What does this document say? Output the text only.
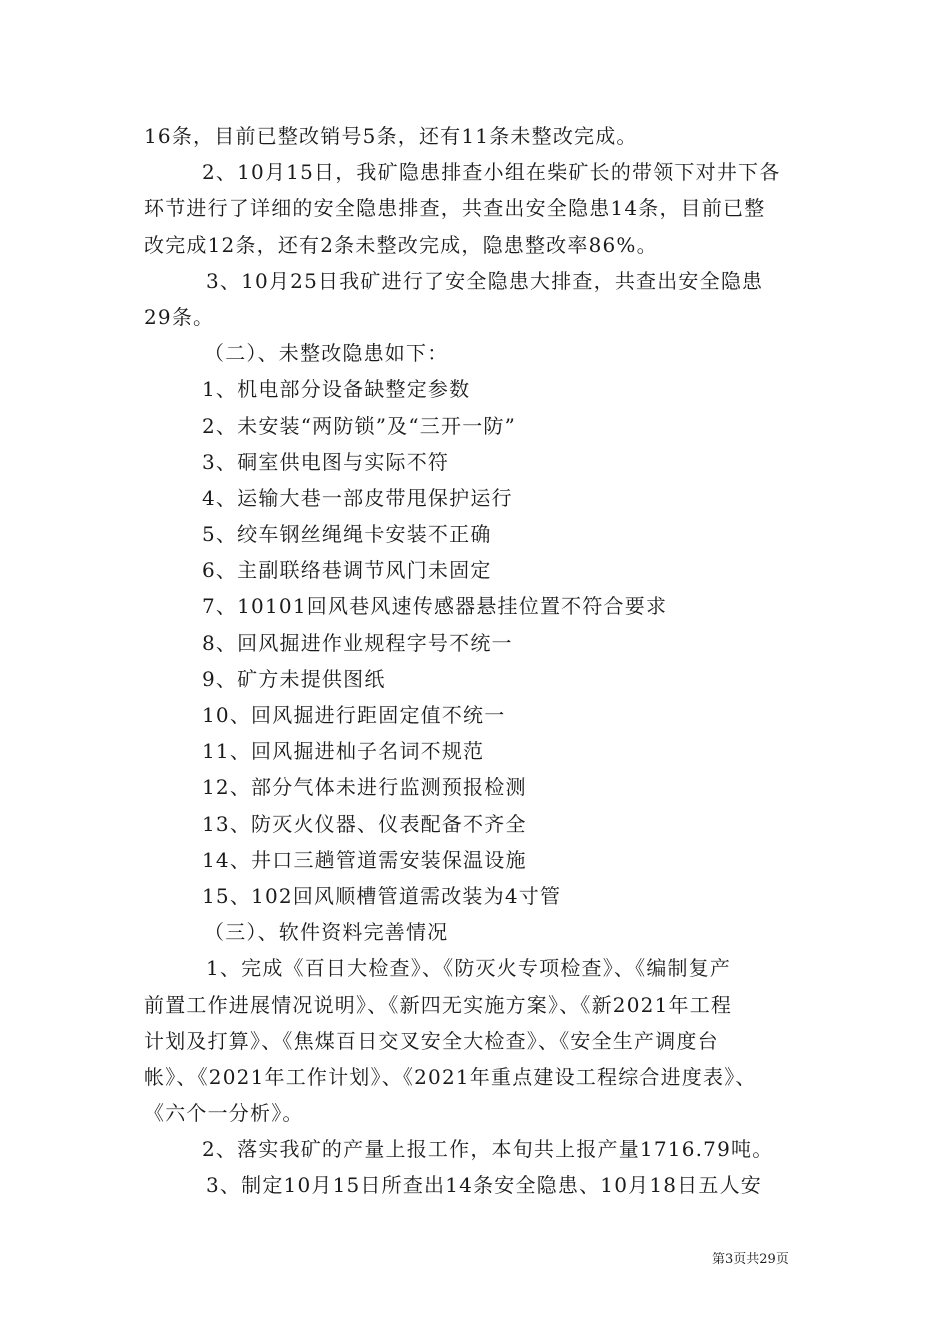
16条，目前已整改销号5条，还有11条未整改完成。
2、10月15日，我矿隐患排查小组在柴矿长的带领下对井下各
环节进行了详细的安全隐患排查，共查出安全隐患14条，目前已整
改完成12条，还有2条未整改完成，隐患整改率86%。
3、10月25日我矿进行了安全隐患大排查，共查出安全隐患
29条。
（二）、未整改隐患如下：
1、机电部分设备缺整定参数
2、未安装“两防锁”及“三开一防”
3、硐室供电图与实际不符
4、运输大巷一部皮带甩保护运行
5、绞车钢丝绳绳卡安装不正确
6、主副联络巷调节风门未固定
7、10101回风巷风速传感器悬挂位置不符合要求
8、回风掘进作业规程字号不统一
9、矿方未提供图纸
10、回风掘进行距固定值不统一
11、回风掘进杣子名词不规范
12、部分气体未进行监测预报检测
13、防灭火仪器、仪表配备不齐全
14、井口三趟管道需安装保温设施
15、102回风顺槽管道需改装为4寸管
（三）、软件资料完善情况
1、完成《百日大检查》、《防灭火专项检查》、《编制复产
前置工作进展情况说明》、《新四无实施方案》、《新2021年工程
计划及打算》、《焦煤百日交叉安全大检查》、《安全生产调度台
帐》、《2021年工作计划》、《2021年重点建设工程综合进度表》、
《六个一分析》。
2、落实我矿的产量上报工作，本旬共上报产量1716.79吨。
3、制定10月15日所查出14条安全隐患、10月18日五人安
第3页共29页
